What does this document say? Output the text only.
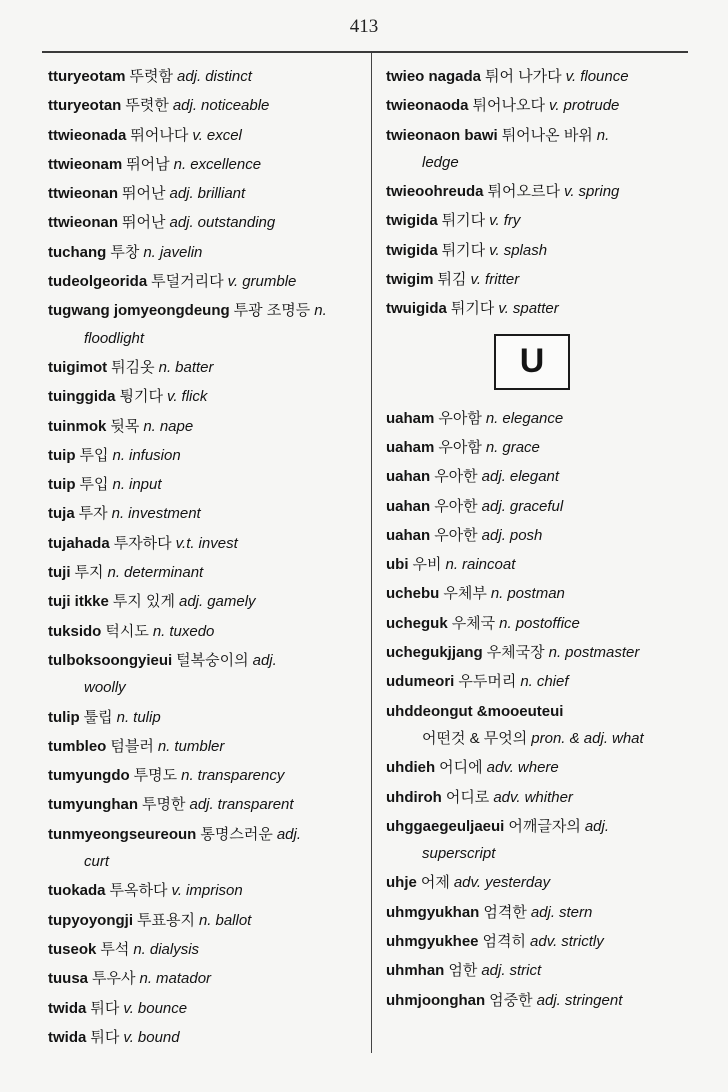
413
tturyeotam 뚜렷함 adj. distinct
tturyeotan 뚜렷한 adj. noticeable
ttwieonada 뛰어나다 v. excel
ttwieonam 뛰어남 n. excellence
ttwieonan 뛰어난 adj. brilliant
ttwieonan 뛰어난 adj. outstanding
tuchang 투창 n. javelin
tudeolgeorida 투덜거리다 v. grumble
tugwang jomyeongdeung 투광 조명등 n.
floodlight
tuigimot 튀김옷 n. batter
tuinggida 튕기다 v. flick
tuinmok 뒷목 n. nape
tuip 투입 n. infusion
tuip 투입 n. input
tuja 투자 n. investment
tujahada 투자하다 v.t. invest
tuji 투지 n. determinant
tuji itkke 투지 있게 adj. gamely
tuksido 턱시도 n. tuxedo
tulboksoongyieui 털복숭이의 adj.
woolly
tulip 툴립 n. tulip
tumbleo 텀블러 n. tumbler
tumyungdo 투명도 n. transparency
tumyunghan 투명한 adj. transparent
tunmyeongseureoun 통명스러운 adj.
curt
tuokada 투옥하다 v. imprison
tupyoyongji 투표용지 n. ballot
tuseok 투석 n. dialysis
tuusa 투우사 n. matador
twida 튀다 v. bounce
twida 튀다 v. bound
twieo nagada 튀어 나가다 v. flounce
twieonaoda 튀어나오다 v. protrude
twieonaon bawi 튀어나온 바위 n.
ledge
twieoohreuda 튀어오르다 v. spring
twigida 튀기다 v. fry
twigida 튀기다 v. splash
twigim 튀김 v. fritter
twuigida 튀기다 v. spatter
U
uaham 우아함 n. elegance
uaham 우아함 n. grace
uahan 우아한 adj. elegant
uahan 우아한 adj. graceful
uahan 우아한 adj. posh
ubi 우비 n. raincoat
uchebu 우체부 n. postman
ucheguk 우체국 n. postoffice
uchegukjjang 우체국장 n. postmaster
udumeori 우두머리 n. chief
uhddeongut &mooeuteui
어떤것 & 무엇의 pron. & adj. what
uhdieh 어디에 adv. where
uhdiroh 어디로 adv. whither
uhggaegeuljaeui 어깨글자의 adj.
superscript
uhje 어제 adv. yesterday
uhmgyukhan 엄격한 adj. stern
uhmgyukhee 엄격히 adv. strictly
uhmhan 엄한 adj. strict
uhmjoonghan 엄중한 adj. stringent
